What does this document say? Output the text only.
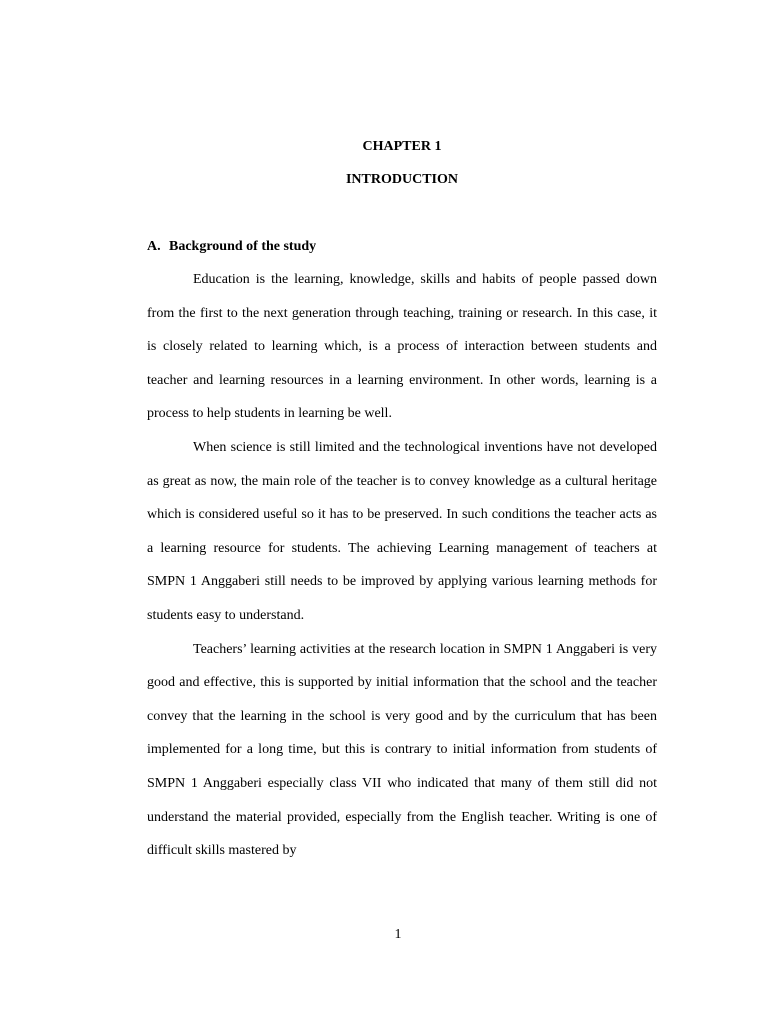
CHAPTER 1
INTRODUCTION
A. Background of the study

Education is the learning, knowledge, skills and habits of people passed down from the first to the next generation through teaching, training or research. In this case, it is closely related to learning which, is a process of interaction between students and teacher and learning resources in a learning environment. In other words, learning is a process to help students in learning be well.

When science is still limited and the technological inventions have not developed as great as now, the main role of the teacher is to convey knowledge as a cultural heritage which is considered useful so it has to be preserved. In such conditions the teacher acts as a learning resource for students. The achieving Learning management of teachers at SMPN 1 Anggaberi still needs to be improved by applying various learning methods for students easy to understand.

Teachers’ learning activities at the research location in SMPN 1 Anggaberi is very good and effective, this is supported by initial information that the school and the teacher convey that the learning in the school is very good and by the curriculum that has been implemented for a long time, but this is contrary to initial information from students of SMPN 1 Anggaberi especially class VII who indicated that many of them still did not understand the material provided, especially from the English teacher. Writing is one of difficult skills mastered by

1
